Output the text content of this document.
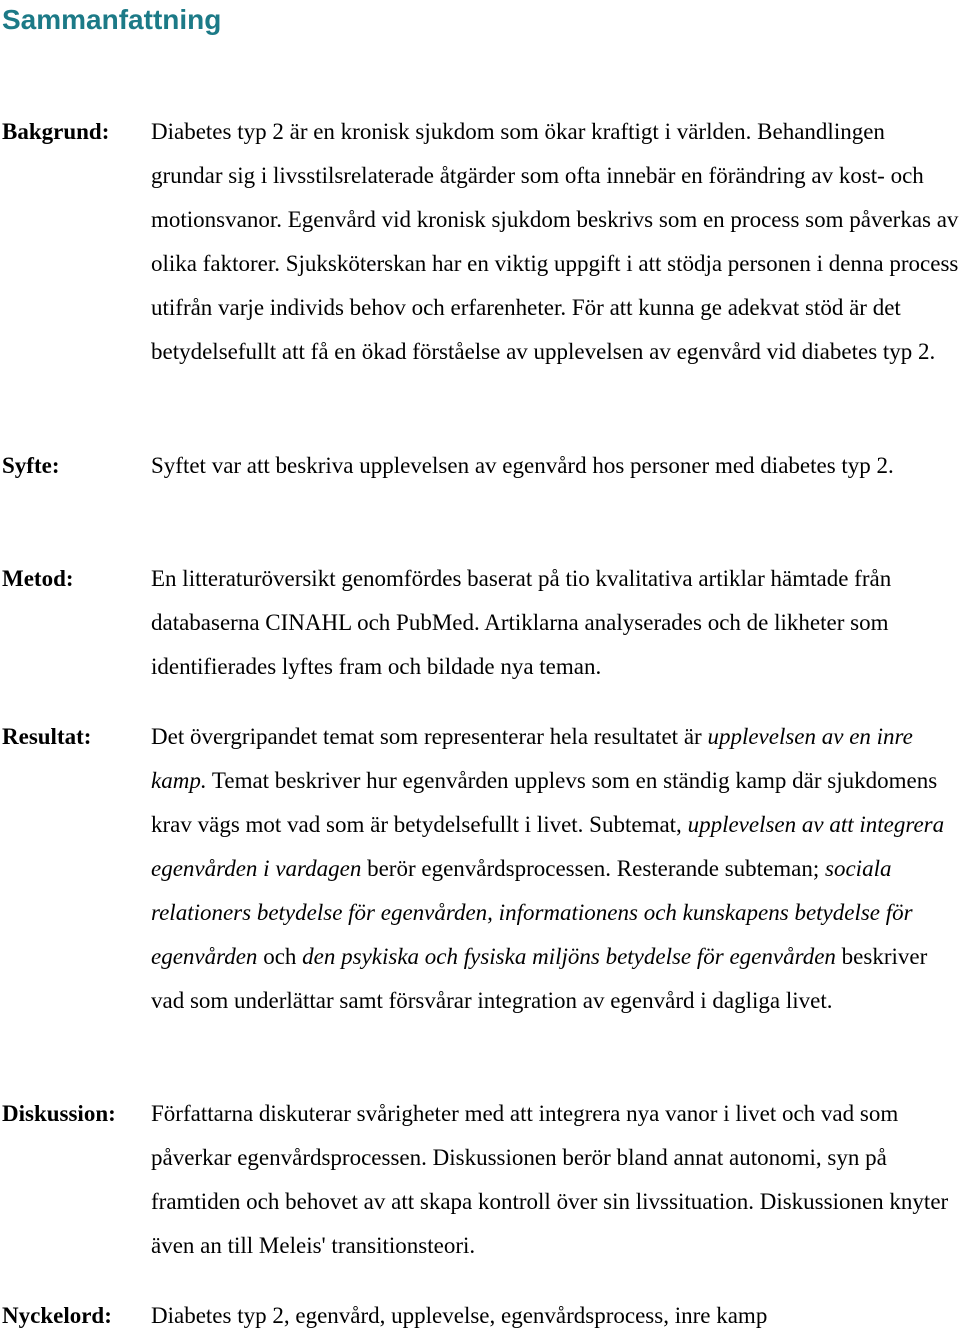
Sammanfattning
Bakgrund: Diabetes typ 2 är en kronisk sjukdom som ökar kraftigt i världen. Behandlingen grundar sig i livsstilsrelaterade åtgärder som ofta innebär en förändring av kost- och motionsvanor. Egenvård vid kronisk sjukdom beskrivs som en process som påverkas av olika faktorer. Sjuksköterskan har en viktig uppgift i att stödja personen i denna process utifrån varje individs behov och erfarenheter. För att kunna ge adekvat stöd är det betydelsefullt att få en ökad förståelse av upplevelsen av egenvård vid diabetes typ 2.

Syfte:	Syftet var att beskriva upplevelsen av egenvård hos personer med diabetes typ 2.

Metod:	En litteraturöversikt genomfördes baserat på tio kvalitativa artiklar hämtade från databaserna CINAHL och PubMed. Artiklarna analyserades och de likheter som identifierades lyftes fram och bildade nya teman.

Resultat:	Det övergripandet temat som representerar hela resultatet är upplevelsen av en inre kamp. Temat beskriver hur egenvården upplevs som en ständig kamp där sjukdomens krav vägs mot vad som är betydelsefullt i livet. Subtemat, upplevelsen av att integrera egenvården i vardagen berör egenvårdsprocessen. Resterande subteman; sociala relationers betydelse för egenvården, informationens och kunskapens betydelse för egenvården och den psykiska och fysiska miljöns betydelse för egenvården beskriver vad som underlättar samt försvårar integration av egenvård i dagliga livet.

Diskussion: Författarna diskuterar svårigheter med att integrera nya vanor i livet och vad som påverkar egenvårdsprocessen. Diskussionen berör bland annat autonomi, syn på framtiden och behovet av att skapa kontroll över sin livssituation. Diskussionen knyter även an till Meleis' transitionsteori.

Nyckelord: Diabetes typ 2, egenvård, upplevelse, egenvårdsprocess, inre kamp
